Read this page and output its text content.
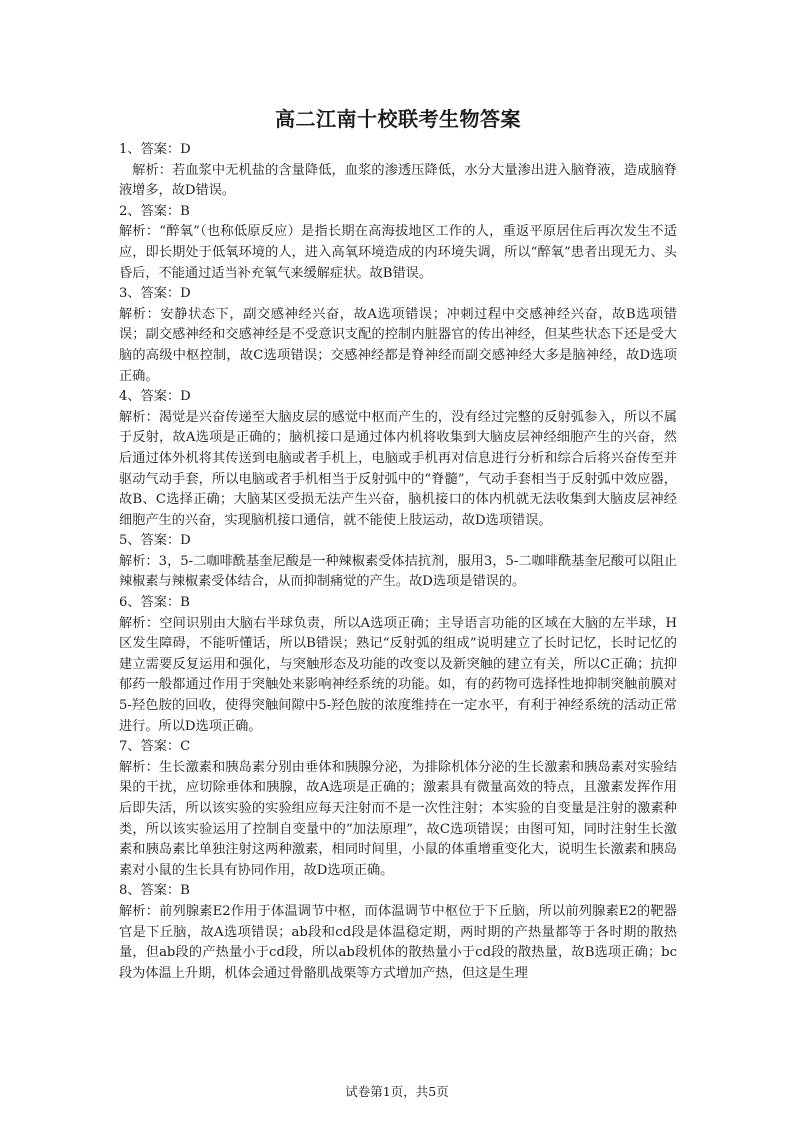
高二江南十校联考生物答案

1、答案：D

解析：若血浆中无机盐的含量降低，血浆的渗透压降低，水分大量渗出进入脑脊液，造成脑脊液增多，故D错误。

2、答案：B

解析：“醉氧”（也称低原反应）是指长期在高海拔地区工作的人，重返平原居住后再次发生不适应，即长期处于低氧环境的人，进入高氧环境造成的内环境失调，所以“醉氧”患者出现无力、头昏后，不能通过适当补充氧气来缓解症状。故B错误。

3、答案：D

解析：安静状态下，副交感神经兴奋，故A选项错误；冲刺过程中交感神经兴奋，故B选项错误；副交感神经和交感神经是不受意识支配的控制内脏器官的传出神经，但某些状态下还是受大脑的高级中枢控制，故C选项错误；交感神经都是脊神经而副交感神经大多是脑神经，故D选项正确。

4、答案：D

解析：渴觉是兴奋传递至大脑皮层的感觉中枢而产生的，没有经过完整的反射弧参入，所以不属于反射，故A选项是正确的；脑机接口是通过体内机将收集到大脑皮层神经细胞产生的兴奋，然后通过体外机将其传送到电脑或者手机上，电脑或手机再对信息进行分析和综合后将兴奋传至并驱动气动手套，所以电脑或者手机相当于反射弧中的“脊髓”，气动手套相当于反射弧中效应器，故B、C选择正确；大脑某区受损无法产生兴奋，脑机接口的体内机就无法收集到大脑皮层神经细胞产生的兴奋，实现脑机接口通信，就不能使上肢运动，故D选项错误。

5、答案：D

解析：3，5-二咖啡酰基奎尼酸是一种辣椒素受体拮抗剂，服用3，5-二咖啡酰基奎尼酸可以阻止辣椒素与辣椒素受体结合，从而抑制痛觉的产生。故D选项是错误的。

6、答案：B

解析：空间识别由大脑右半球负责，所以A选项正确；主导语言功能的区域在大脑的左半球，H区发生障碍，不能听懂话，所以B错误；熟记“反射弧的组成”说明建立了长时记忆，长时记忆的建立需要反复运用和强化，与突触形态及功能的改变以及新突触的建立有关，所以C正确；抗抑郁药一般都通过作用于突触处来影响神经系统的功能。如，有的药物可选择性地抑制突触前膜对5-羟色胺的回收，使得突触间隙中5-羟色胺的浓度维持在一定水平，有利于神经系统的活动正常进行。所以D选项正确。

7、答案：C

解析：生长激素和胰岛素分别由垂体和胰腺分泌，为排除机体分泌的生长激素和胰岛素对实验结果的干扰，应切除垂体和胰腺，故A选项是正确的；激素具有微量高效的特点，且激素发挥作用后即失活，所以该实验的实验组应每天注射而不是一次性注射；本实验的自变量是注射的激素种类，所以该实验运用了控制自变量中的“加法原理”，故C选项错误；由图可知，同时注射生长激素和胰岛素比单独注射这两种激素，相同时间里，小鼠的体重增重变化大，说明生长激素和胰岛素对小鼠的生长具有协同作用，故D选项正确。

8、答案：B

解析：前列腺素E2作用于体温调节中枢，而体温调节中枢位于下丘脑，所以前列腺素E2的靶器官是下丘脑，故A选项错误；ab段和cd段是体温稳定期，两时期的产热量都等于各时期的散热量，但ab段的产热量小于cd段，所以ab段机体的散热量小于cd段的散热量，故B选项正确；bc段为体温上升期，机体会通过骨骼肌战栗等方式增加产热，但这是生理

试卷第1页，共5页
